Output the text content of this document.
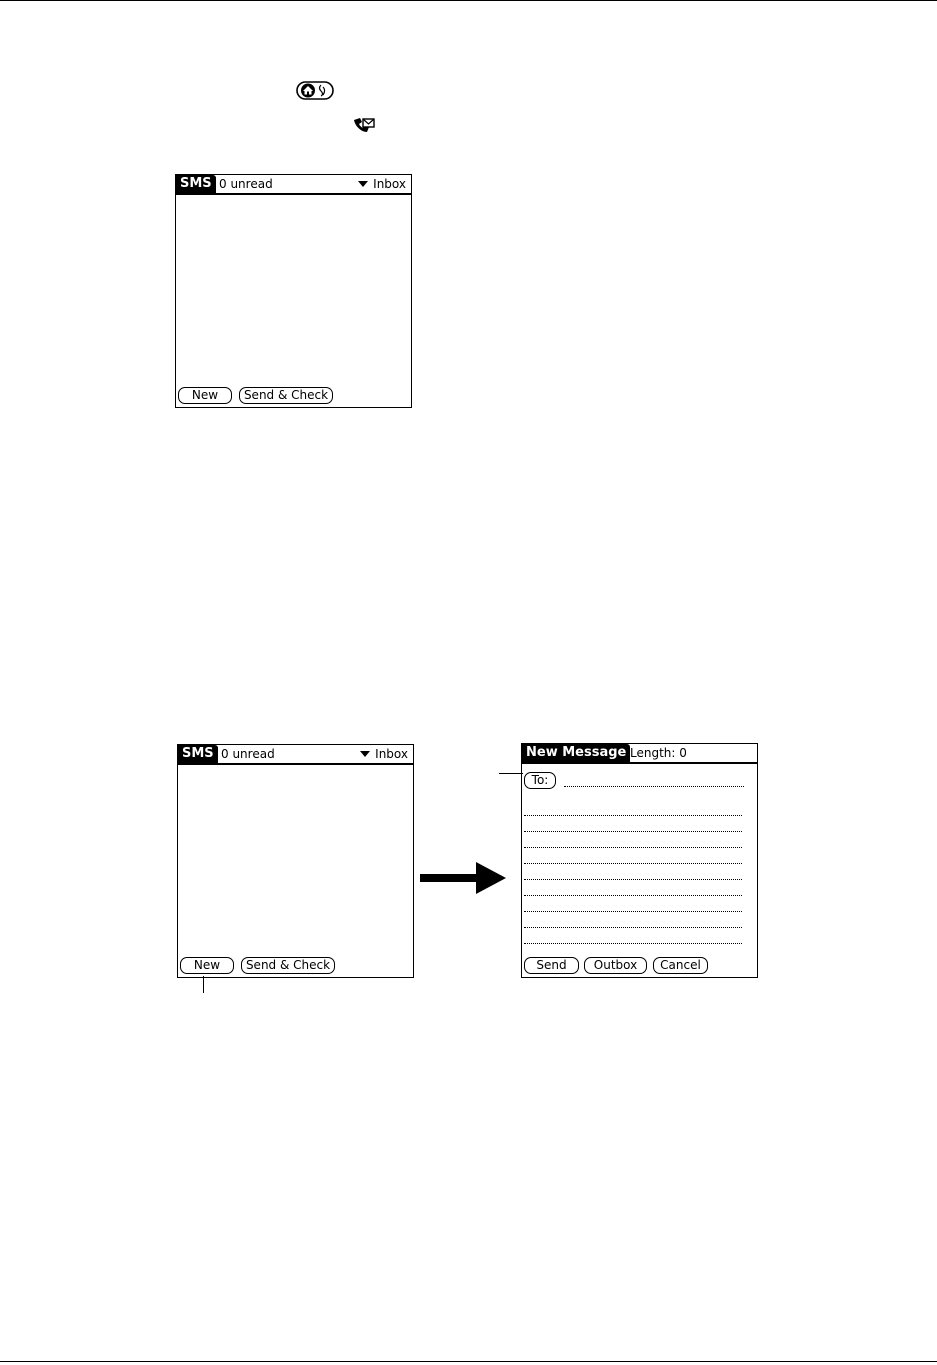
SMS 0 unread	Inbox
New	Send & Check
SMS 0 unread	Inbox
New	Send & Check
New Message Length: 0
To:
Send	Outbox	Cancel
